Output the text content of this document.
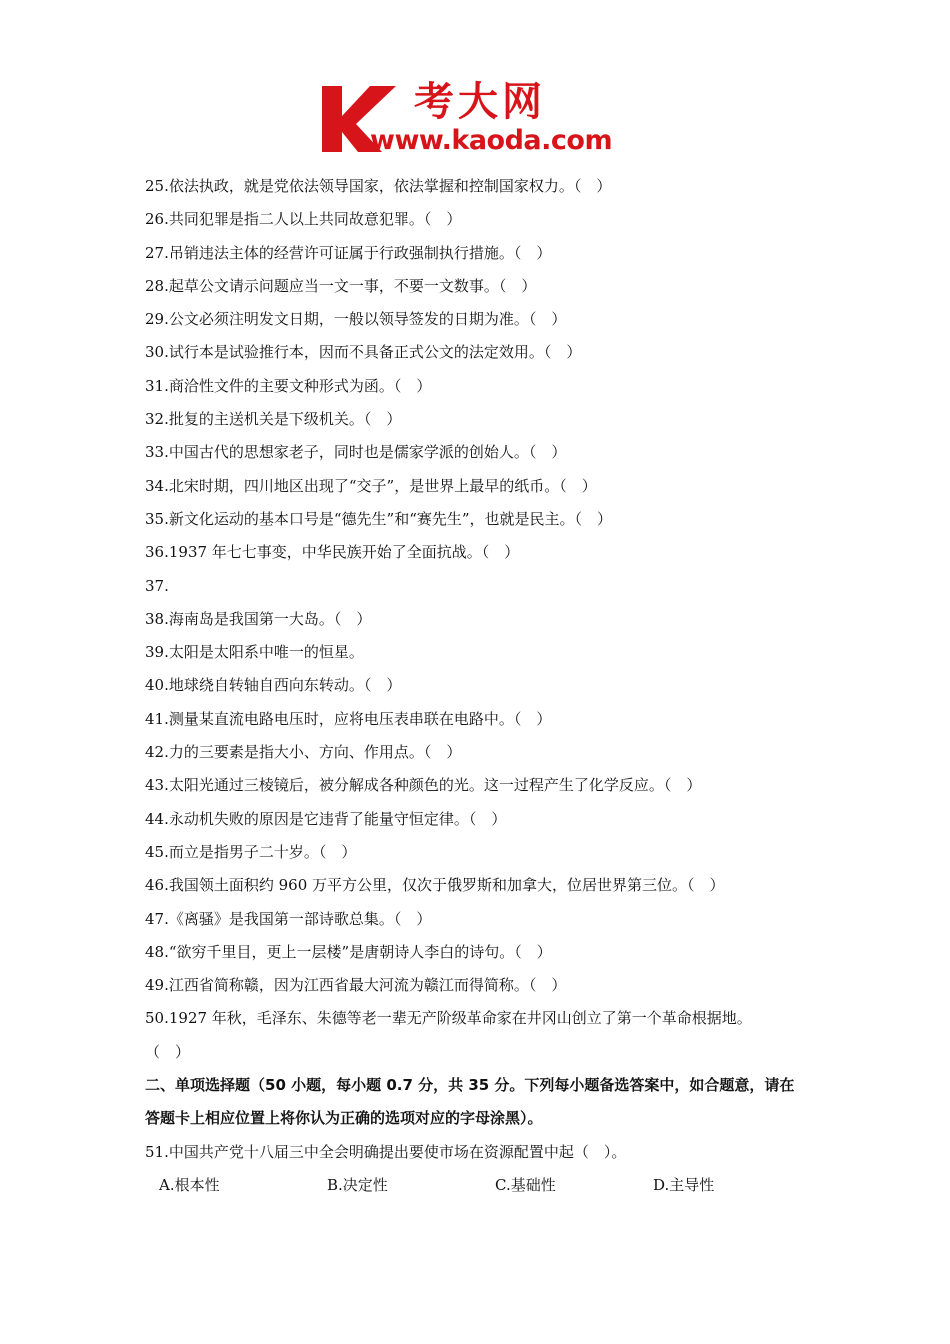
考大网
www.kaoda.com
25.依法执政，就是党依法领导国家，依法掌握和控制国家权力。（　）
26.共同犯罪是指二人以上共同故意犯罪。（　）
27.吊销违法主体的经营许可证属于行政强制执行措施。（　）
28.起草公文请示问题应当一文一事，不要一文数事。（　）
29.公文必须注明发文日期，一般以领导签发的日期为准。（　）
30.试行本是试验推行本，因而不具备正式公文的法定效用。（　）
31.商洽性文件的主要文种形式为函。（　）
32.批复的主送机关是下级机关。（　）
33.中国古代的思想家老子，同时也是儒家学派的创始人。（　）
34.北宋时期，四川地区出现了“交子”，是世界上最早的纸币。（　）
35.新文化运动的基本口号是“德先生”和“赛先生”，也就是民主。（　）
36.1937 年七七事变，中华民族开始了全面抗战。（　）
37.
38.海南岛是我国第一大岛。（　）
39.太阳是太阳系中唯一的恒星。
40.地球绕自转轴自西向东转动。（　）
41.测量某直流电路电压时，应将电压表串联在电路中。（　）
42.力的三要素是指大小、方向、作用点。（　）
43.太阳光通过三棱镜后，被分解成各种颜色的光。这一过程产生了化学反应。（　）
44.永动机失败的原因是它违背了能量守恒定律。（　）
45.而立是指男子二十岁。（　）
46.我国领土面积约 960 万平方公里，仅次于俄罗斯和加拿大，位居世界第三位。（　）
47.《离骚》是我国第一部诗歌总集。（　）
48.“欲穷千里目，更上一层楼”是唐朝诗人李白的诗句。（　）
49.江西省简称赣，因为江西省最大河流为赣江而得简称。（　）
50.1927 年秋，毛泽东、朱德等老一辈无产阶级革命家在井冈山创立了第一个革命根据地。
（　）
二、单项选择题（50 小题，每小题 0.7 分，共 35 分。下列每小题备选答案中，如合题意，请在
答题卡上相应位置上将你认为正确的选项对应的字母涂黑）。
51.中国共产党十八届三中全会明确提出要使市场在资源配置中起（　）。
A.根本性	B.决定性	C.基础性	D.主导性
